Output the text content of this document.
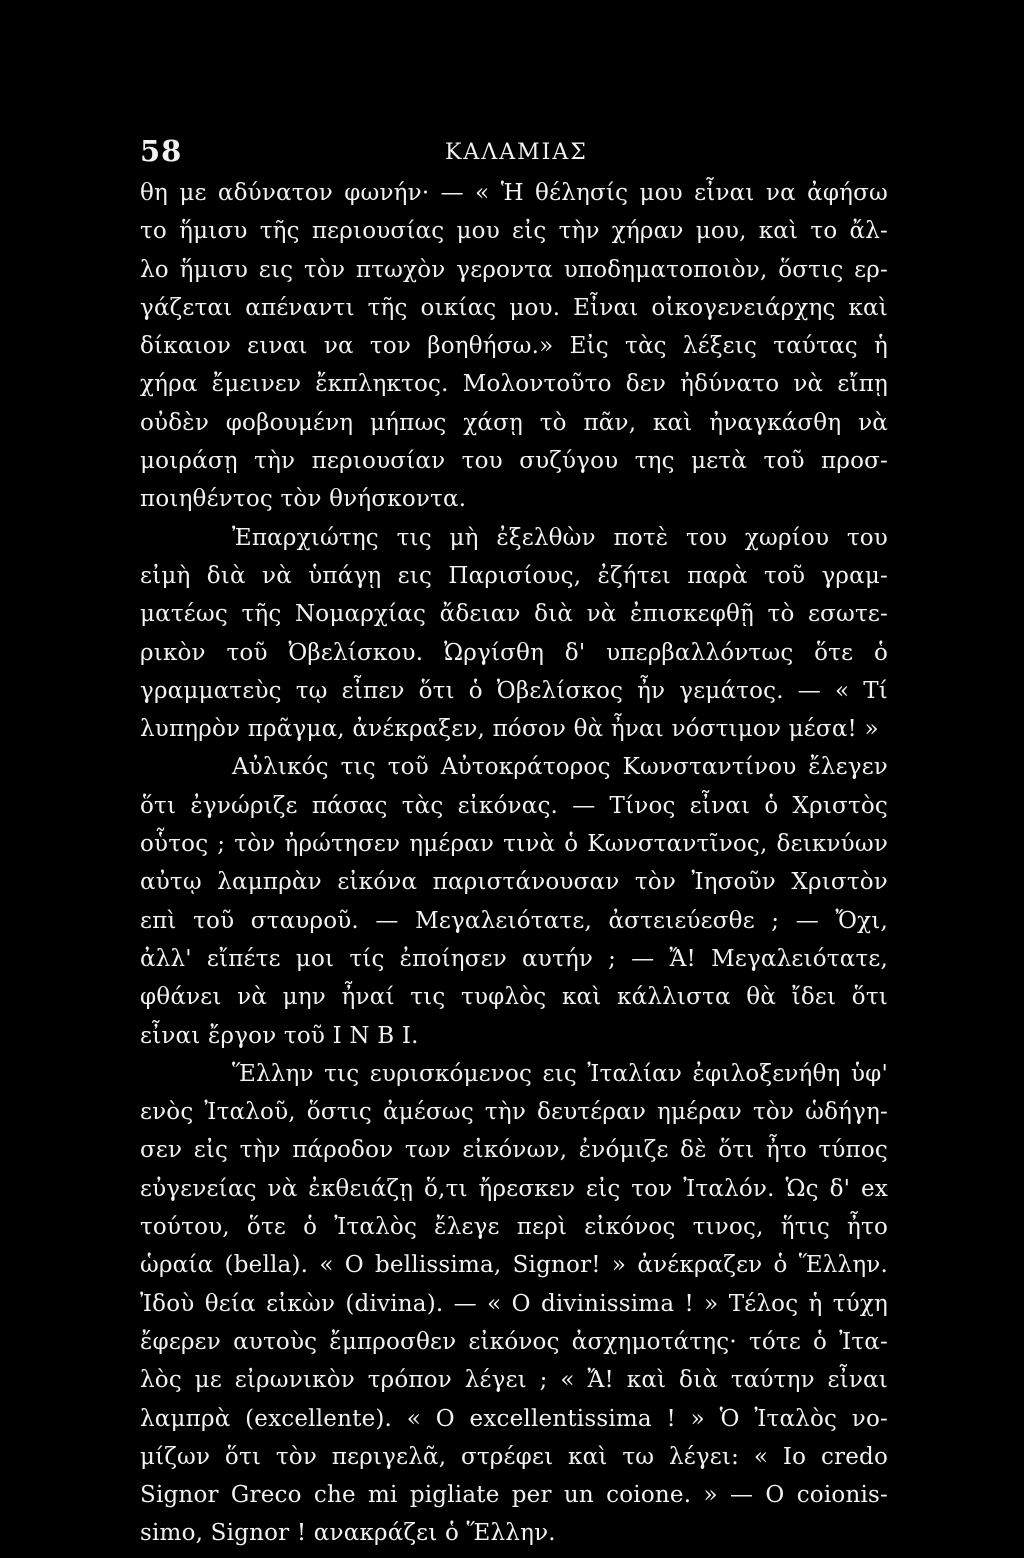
58	ΚΑΛΑΜΙΑΣ
θη με αδύνατον φωνήν· — « Ἡ θέλησίς μου εἶναι να ἀφήσω
το ἥμισυ τῆς περιουσίας μου εἰς τὴν χήραν μου, καὶ το ἄλ-
λο ἥμισυ εις τὸν πτωχὸν γεροντα υποδηματοποιὸν, ὅστις ερ-
γάζεται απέναντι τῆς οικίας μου. Εἶναι οἰκογενειάρχης καὶ
δίκαιον ειναι να τον βοηθήσω.» Εἰς τὰς λέξεις ταύτας ἡ
χήρα ἔμεινεν ἔκπληκτος. Μολοντοῦτο δεν ἠδύνατο νὰ εἴπῃ
οὐδὲν φοβουμένη μήπως χάσῃ τὸ πᾶν, καὶ ἠναγκάσθη νὰ
μοιράσῃ τὴν περιουσίαν του συζύγου της μετὰ τοῦ προσ-
ποιηθέντος τὸν θνήσκοντα.
Ἐπαρχιώτης τις μὴ ἐξελθὼν ποτὲ του χωρίου του
εἰμὴ διὰ νὰ ὑπάγῃ εις Παρισίους, ἐζήτει παρὰ τοῦ γραμ-
ματέως τῆς Νομαρχίας ἄδειαν διὰ νὰ ἐπισκεφθῇ τὸ εσωτε-
ρικὸν τοῦ Ὀβελίσκου. Ὠργίσθη δ' υπερβαλλόντως ὅτε ὁ
γραμματεὺς τῳ εἶπεν ὅτι ὁ Ὀβελίσκος ἦν γεμάτος. — « Τί
λυπηρὸν πρᾶγμα, ἀνέκραξεν, πόσον θὰ ἦναι νόστιμον μέσα! »
Αὐλικός τις τοῦ Αὐτοκράτορος Κωνσταντίνου ἔλεγεν
ὅτι ἐγνώριζε πάσας τὰς εἰκόνας. — Τίνος εἶναι ὁ Χριστὸς
οὗτος ; τὸν ἠρώτησεν ημέραν τινὰ ὁ Κωνσταντῖνος, δεικνύων
αὐτῳ λαμπρὰν εἰκόνα παριστάνουσαν τὸν Ἰησοῦν Χριστὸν
επὶ τοῦ σταυροῦ. — Μεγαλειότατε, ἀστειεύεσθε ; — Ὄχι,
ἀλλ' εἴπέτε μοι τίς ἐποίησεν αυτήν ; — Ἄ! Μεγαλειότατε,
φθάνει νὰ μην ἦναί τις τυφλὸς καὶ κάλλιστα θὰ ἴδει ὅτι
εἶναι ἔργον τοῦ I N B I.
Ἕλλην τις ευρισκόμενος εις Ἰταλίαν ἐφιλοξενήθη ὑφ'
ενὸς Ἰταλοῦ, ὅστις ἀμέσως τὴν δευτέραν ημέραν τὸν ὡδήγη-
σεν εἰς τὴν πάροδον των εἰκόνων, ἐνόμιζε δὲ ὅτι ἦτο τύπος
εὐγενείας νὰ ἐκθειάζῃ ὅ,τι ἤρεσκεν εἰς τον Ἰταλόν. Ὡς δ' ex
τούτου, ὅτε ὁ Ἰταλὸς ἔλεγε περὶ εἰκόνος τινος, ἥτις ἦτο
ὡραία (bella). « O bellissima, Signor! » ἀνέκραζεν ὁ Ἕλλην.
Ἰδοὺ θεία εἰκὼν (divina). — « O divinissima ! » Τέλος ἡ τύχη
ἔφερεν αυτοὺς ἔμπροσθεν εἰκόνος ἀσχημοτάτης· τότε ὁ Ἰτα-
λὸς με εἰρωνικὸν τρόπον λέγει ; « Ἄ! καὶ διὰ ταύτην εἶναι
λαμπρὰ (excellente). « O excellentissima ! » Ὁ Ἰταλὸς νο-
μίζων ὅτι τὸν περιγελᾶ, στρέφει καὶ τω λέγει: « Io credo
Signor Greco che mi pigliate per un coione. » — O coionis-
simo, Signor ! ανακράζει ὁ Ἕλλην.
